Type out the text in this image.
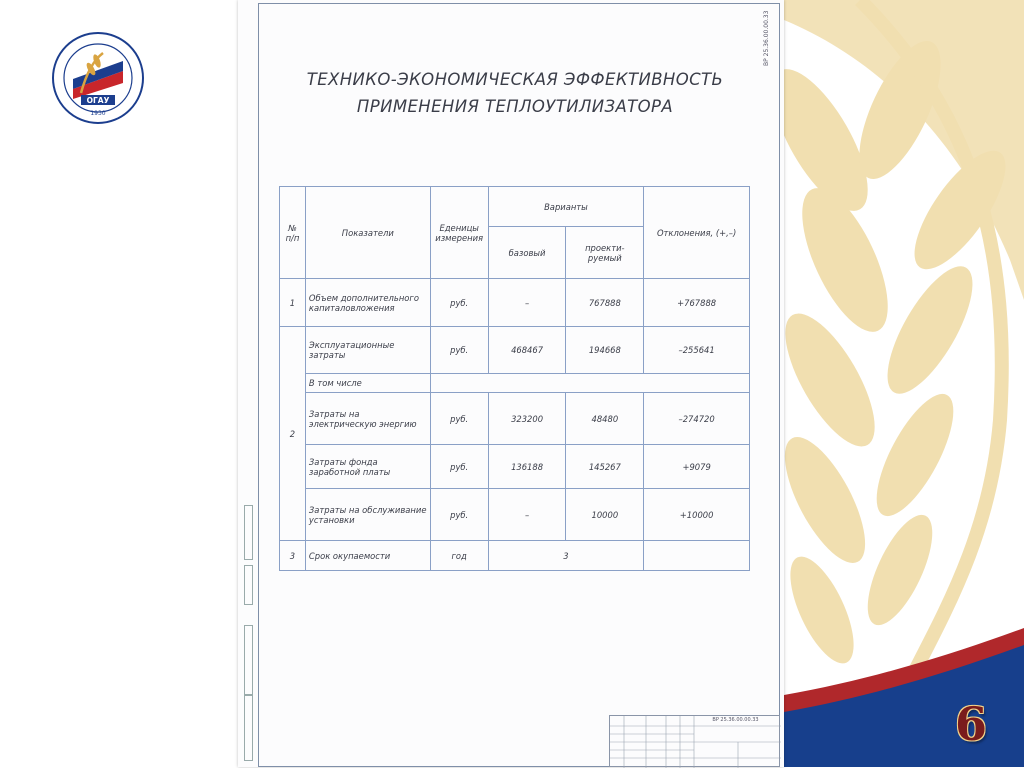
ОГАУ
1930
ВР 25.36.00.00.33
ТЕХНИКО-ЭКОНОМИЧЕСКАЯ ЭФФЕКТИВНОСТЬ
ПРИМЕНЕНИЯ ТЕПЛОУТИЛИЗАТОРА
№ п/п	Показатели	Еденицы измерения	Варианты		Отклонения, (+,–)
			базовый	проекти-руемый	
1	Объем дополнительного капиталовложения	руб.	–	767888	+767888
2	Эксплуатационные затраты	руб.	468467	194668	–255641
	В том числе				
	Затраты на электрическую энергию	руб.	323200	48480	–274720
	Затраты фонда заработной платы	руб.	136188	145267	+9079
	Затраты на обслуживание установки	руб.	–	10000	+10000
3	Срок окупаемости	год	3		
ВР 25.36.00.00.33	6
